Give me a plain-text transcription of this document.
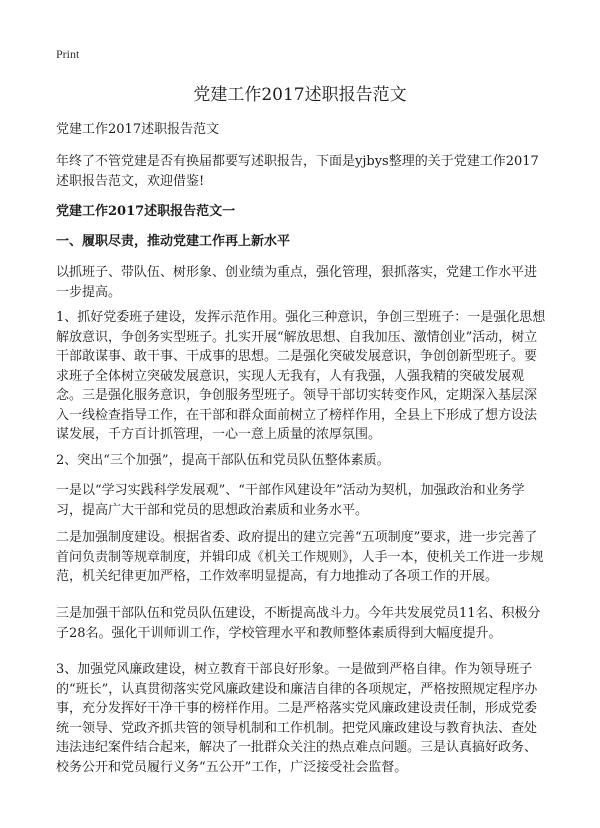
Print
党建工作2017述职报告范文

党建工作2017述职报告范文

年终了不管党建是否有换届都要写述职报告，下面是yjbys整理的关于党建工作2017述职报告范文，欢迎借鉴!

党建工作2017述职报告范文一

一、履职尽责，推动党建工作再上新水平

以抓班子、带队伍、树形象、创业绩为重点，强化管理，狠抓落实，党建工作水平进一步提高。

1、抓好党委班子建设，发挥示范作用。强化三种意识，争创三型班子：一是强化思想解放意识，争创务实型班子。扎实开展“解放思想、自我加压、激情创业”活动，树立干部敢谋事、敢干事、干成事的思想。二是强化突破发展意识，争创创新型班子。要求班子全体树立突破发展意识，实现人无我有，人有我强，人强我精的突破发展观念。三是强化服务意识，争创服务型班子。领导干部切实转变作风，定期深入基层深入一线检查指导工作，在干部和群众面前树立了榜样作用，全县上下形成了想方设法谋发展，千方百计抓管理，一心一意上质量的浓厚氛围。

2、突出“三个加强”，提高干部队伍和党员队伍整体素质。

一是以“学习实践科学发展观”、“干部作风建设年”活动为契机，加强政治和业务学习，提高广大干部和党员的思想政治素质和业务水平。

二是加强制度建设。根据省委、政府提出的建立完善“五项制度”要求，进一步完善了首问负责制等规章制度，并辑印成《机关工作规则》，人手一本，使机关工作进一步规范，机关纪律更加严格，工作效率明显提高，有力地推动了各项工作的开展。

三是加强干部队伍和党员队伍建设，不断提高战斗力。今年共发展党员11名、积极分子28名。强化干训师训工作，学校管理水平和教师整体素质得到大幅度提升。

3、加强党风廉政建设，树立教育干部良好形象。一是做到严格自律。作为领导班子的“班长”，认真贯彻落实党风廉政建设和廉洁自律的各项规定，严格按照规定程序办事，充分发挥好干净干事的榜样作用。二是严格落实党风廉政建设责任制，形成党委统一领导、党政齐抓共管的领导机制和工作机制。把党风廉政建设与教育执法、查处违法违纪案件结合起来，解决了一批群众关注的热点难点问题。三是认真搞好政务、校务公开和党员履行义务“五公开”工作，广泛接受社会监督。
